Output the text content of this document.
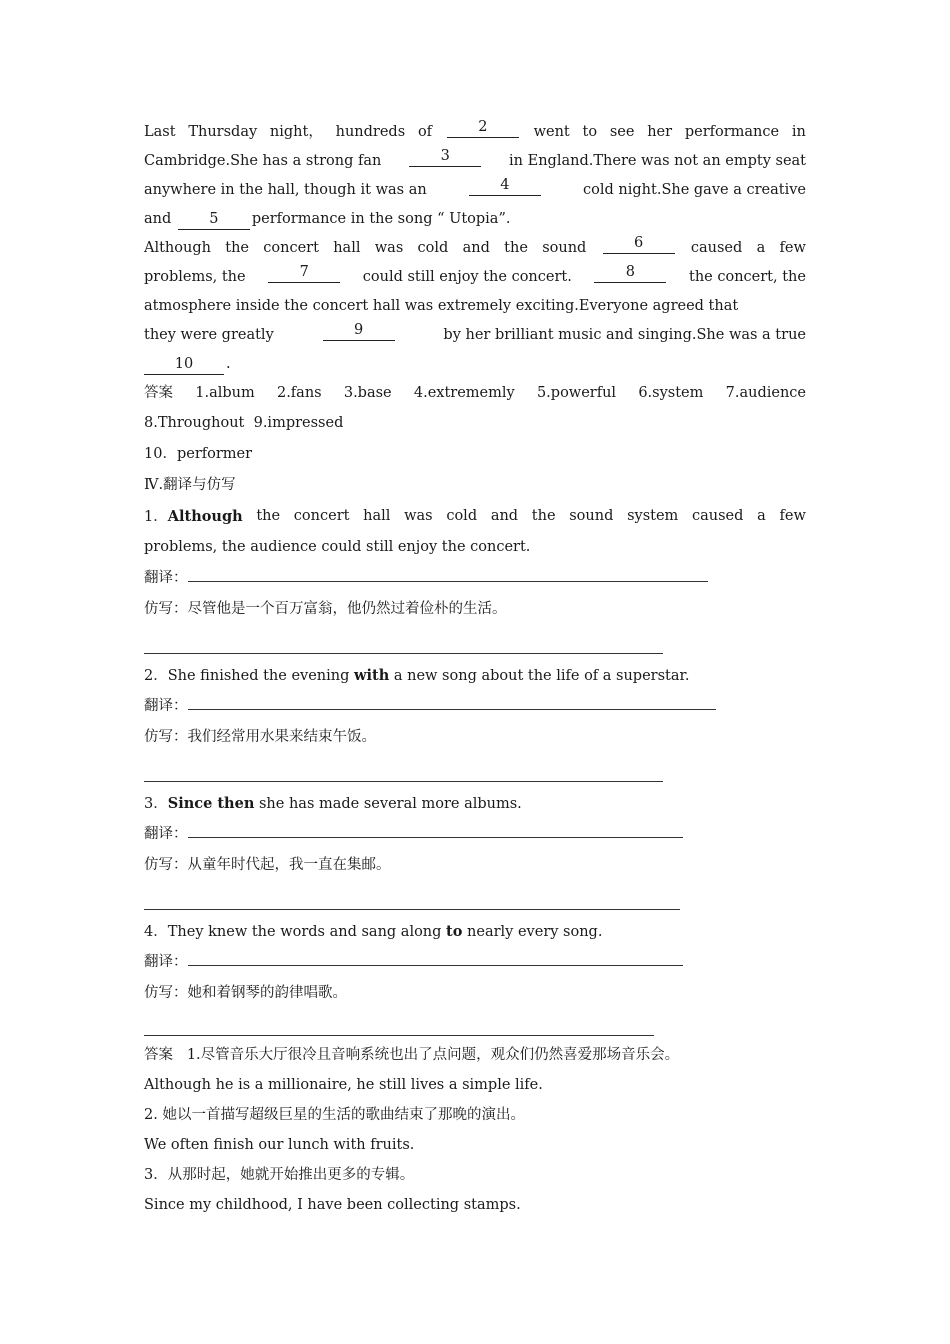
Last Thursday night， hundreds of	2	went to see her performance in
Cambridge.She has a strong fan	3	in England.There was not an empty seat
anywhere in the hall, though it was an	4	cold night.She gave a creative
and	5 performance in the song “ Utopia”.
Although the concert hall was cold and the sound	6	caused a few
problems, the	7	could still enjoy the concert.	8	the concert, the
atmosphere inside the concert hall was extremely exciting.Everyone agreed that
they were greatly	9	by her brilliant music and singing.She was a true
10 .
答案 1.album 2.fans 3.base 4.extrememly 5.powerful 6.system 7.audience
8.Throughout 9.impressed
10．performer
Ⅳ.翻译与仿写
1．Although the concert hall was cold and the sound system caused a few
problems, the audience could still enjoy the concert.
翻译：
仿写：尽管他是一个百万富翁，他仍然过着俭朴的生活。
2．She finished the evening with a new song about the life of a superstar.
翻译：
仿写：我们经常用水果来结束午饭。
3．Since then she has made several more albums.
翻译：
仿写：从童年时代起，我一直在集邮。
4．They knew the words and sang along to nearly every song.
翻译：
仿写：她和着钢琴的韵律唱歌。
答案 1.尽管音乐大厅很冷且音响系统也出了点问题，观众们仍然喜爱那场音乐会。
Although he is a millionaire, he still lives a simple life.
2. 她以一首描写超级巨星的生活的歌曲结束了那晚的演出。
We often finish our lunch with fruits.
3．从那时起，她就开始推出更多的专辑。
Since my childhood, I have been collecting stamps.
